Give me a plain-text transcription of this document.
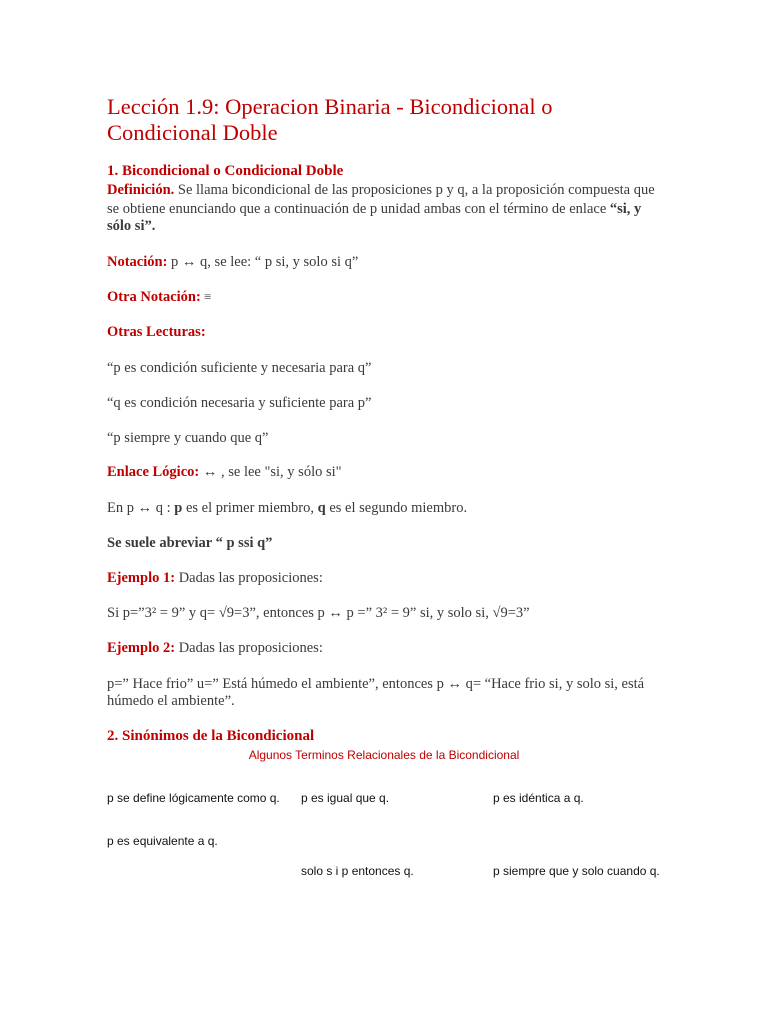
Lección 1.9: Operacion Binaria - Bicondicional o
Condicional Doble
1. Bicondicional o Condicional Doble
Definición. Se llama bicondicional de las proposiciones p y q, a la proposición compuesta que
se obtiene enunciando que a continuación de p unidad ambas con el término de enlace “si, y
sólo si”.
Notación: p ↔ q, se lee: “ p si, y solo si q”
Otra Notación: ≡
Otras Lecturas:
“p es condición suficiente y necesaria para q”
“q es condición necesaria y suficiente para p”
“p siempre y cuando que q”
Enlace Lógico: ↔ , se lee "si, y sólo si"
En p ↔ q : p es el primer miembro, q es el segundo miembro.
Se suele abreviar “ p ssi q”
Ejemplo 1: Dadas las proposiciones:
Si p=”3² = 9” y q= √9=3”, entonces p ↔ p =” 3² = 9” si, y solo si, √9=3”
Ejemplo 2: Dadas las proposiciones:
p=” Hace frio” u=” Está húmedo el ambiente”, entonces p ↔ q= “Hace frio si, y solo si, está
húmedo el ambiente”.
2. Sinónimos de la Bicondicional
Algunos Terminos Relacionales de la Bicondicional
p se define lógicamente como q. p es igual que q.	p es idéntica a q.
p es equivalente a q.
solo s i p entonces q.	p siempre que y solo cuando q.
